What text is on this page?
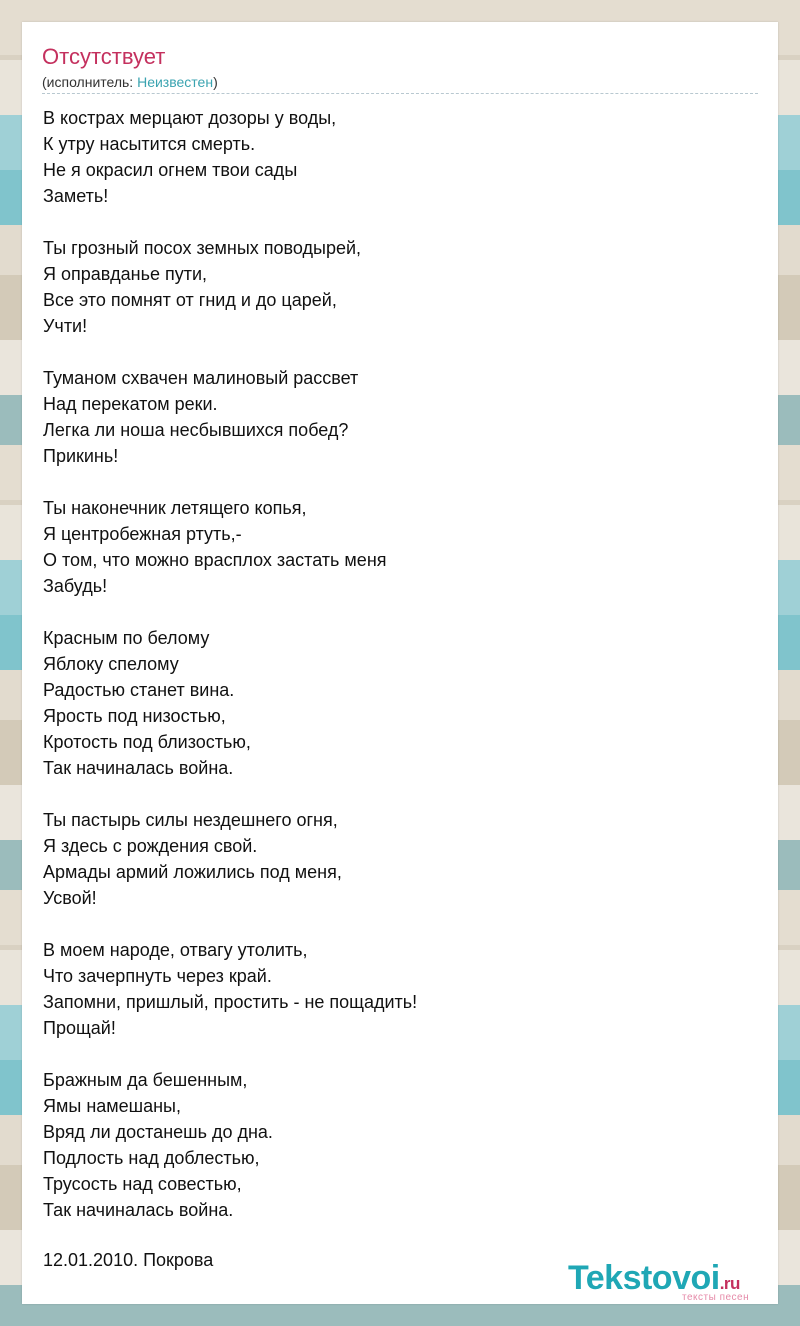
Отсутствует
(исполнитель: Неизвестен)
В кострах мерцают дозоры у воды,
К утру насытится смерть.
Не я окрасил огнем твои сады
Заметь!
Ты грозный посох земных поводырей,
Я оправданье пути,
Все это помнят от гнид и до царей,
Учти!
Туманом схвачен малиновый рассвет
Над перекатом реки.
Легка ли ноша несбывшихся побед?
Прикинь!
Ты наконечник летящего копья,
Я центробежная ртуть,-
О том, что можно врасплох застать меня
Забудь!
Красным по белому
Яблоку спелому
Радостью станет вина.
Ярость под низостью,
Кротость под близостью,
Так начиналась война.
Ты пастырь силы нездешнего огня,
Я здесь с рождения свой.
Армады армий ложились под меня,
Усвой!
В моем народе, отвагу утолить,
Что зачерпнуть через край.
Запомни, пришлый, простить - не пощадить!
Прощай!
Бражным да бешенным,
Ямы намешаны,
Вряд ли достанешь до дна.
Подлость над доблестью,
Трусость над совестью,
Так начиналась война.
12.01.2010. Покрова	Tekstovoi.ru
тексты песен
